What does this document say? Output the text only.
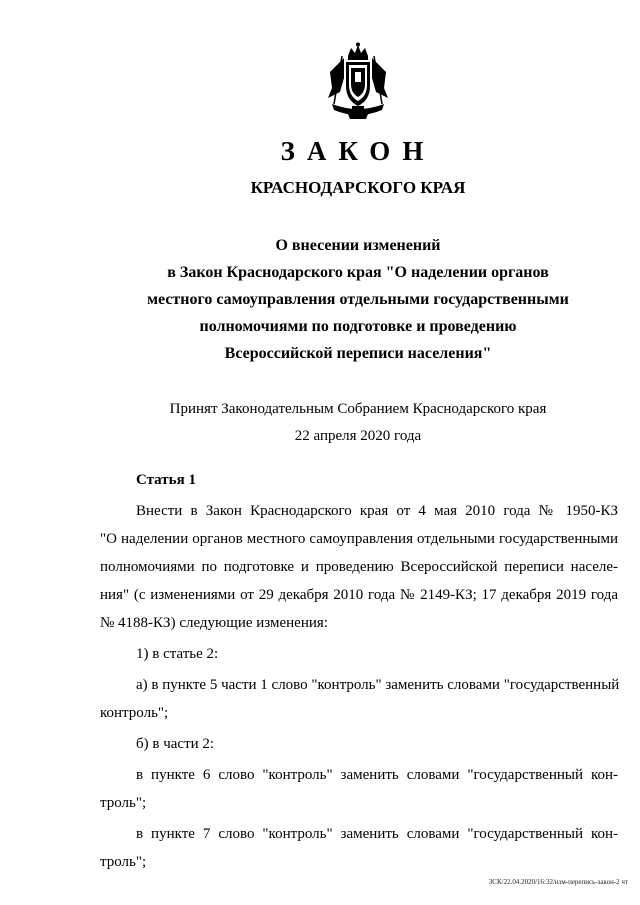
ЗАКОН
КРАСНОДАРСКОГО КРАЯ
О внесении изменений
в Закон Краснодарского края "О наделении органов
местного самоуправления отдельными государственными
полномочиями по подготовке и проведению
Всероссийской переписи населения"
Принят Законодательным Собранием Краснодарского края
22 апреля 2020 года
Статья 1
Внести в Закон Краснодарского края от 4 мая 2010 года № 1950-КЗ
"О наделении органов местного самоуправления отдельными государственными
полномочиями по подготовке и проведению Всероссийской переписи населе-
ния" (с изменениями от 29 декабря 2010 года № 2149-КЗ; 17 декабря 2019 года
№ 4188-КЗ) следующие изменения:
1) в статье 2:
а) в пункте 5 части 1 слово "контроль" заменить словами "государственный
контроль";
б) в части 2:
в пункте 6 слово "контроль" заменить словами "государственный кон-
троль";
в пункте 7 слово "контроль" заменить словами "государственный кон-
троль";
ЗСК/22.04.2020/16:32/изм-перепись-закон-2 чт
